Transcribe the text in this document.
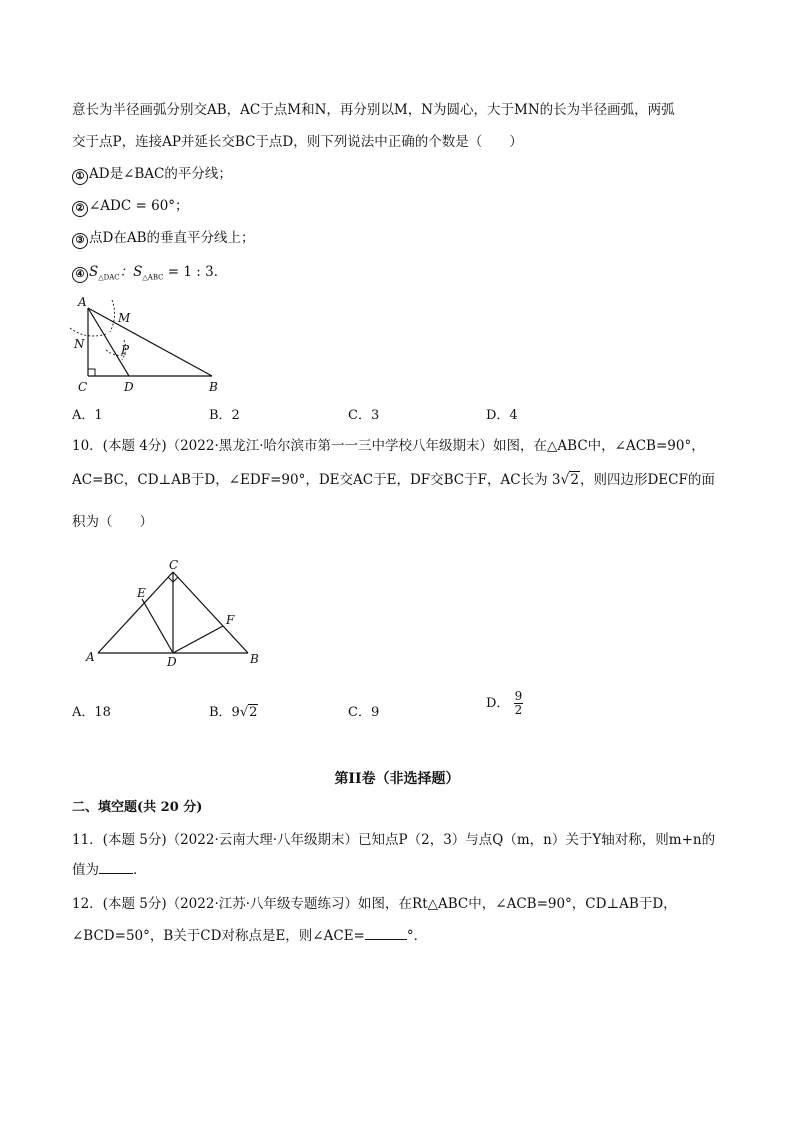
意长为半径画弧分别交AB，AC于点M和N，再分别以M，N为圆心，大于MN的长为半径画弧，两弧
交于点P，连接AP并延长交BC于点D，则下列说法中正确的个数是（　　）
① AD是∠BAC的平分线；
② ∠ADC = 60°；
③ 点D在AB的垂直平分线上；
④ $S_{\triangle DAC}$：$S_{\triangle ABC} = 1$ : 3．
A
M
N	P
C	D	B
A．1	B．2	C．3	D．4
10．(本题 4分)（2022·黑龙江·哈尔滨市第一一三中学校八年级期末）如图，在△ABC中，∠ACB=90°，
AC=BC，CD⊥AB于D，∠EDF=90°，DE交AC于E，DF交BC于F，AC长为 3√2，则四边形DECF的面
积为（　　）
C
E
F
A	D	B
A．18	B．9√2	C．9
D． $\frac{9}{2}$
第II卷（非选择题）
二、填空题(共 20 分)
11．(本题 5分)（2022·云南大理·八年级期末）已知点P（2，3）与点Q（m，n）关于Y轴对称，则m+n的
值为	．
12．(本题 5分)（2022·江苏·八年级专题练习）如图，在Rt△ABC中，∠ACB=90°，CD⊥AB于D，
∠BCD=50°，B关于CD对称点是E，则∠ACE=	°．
